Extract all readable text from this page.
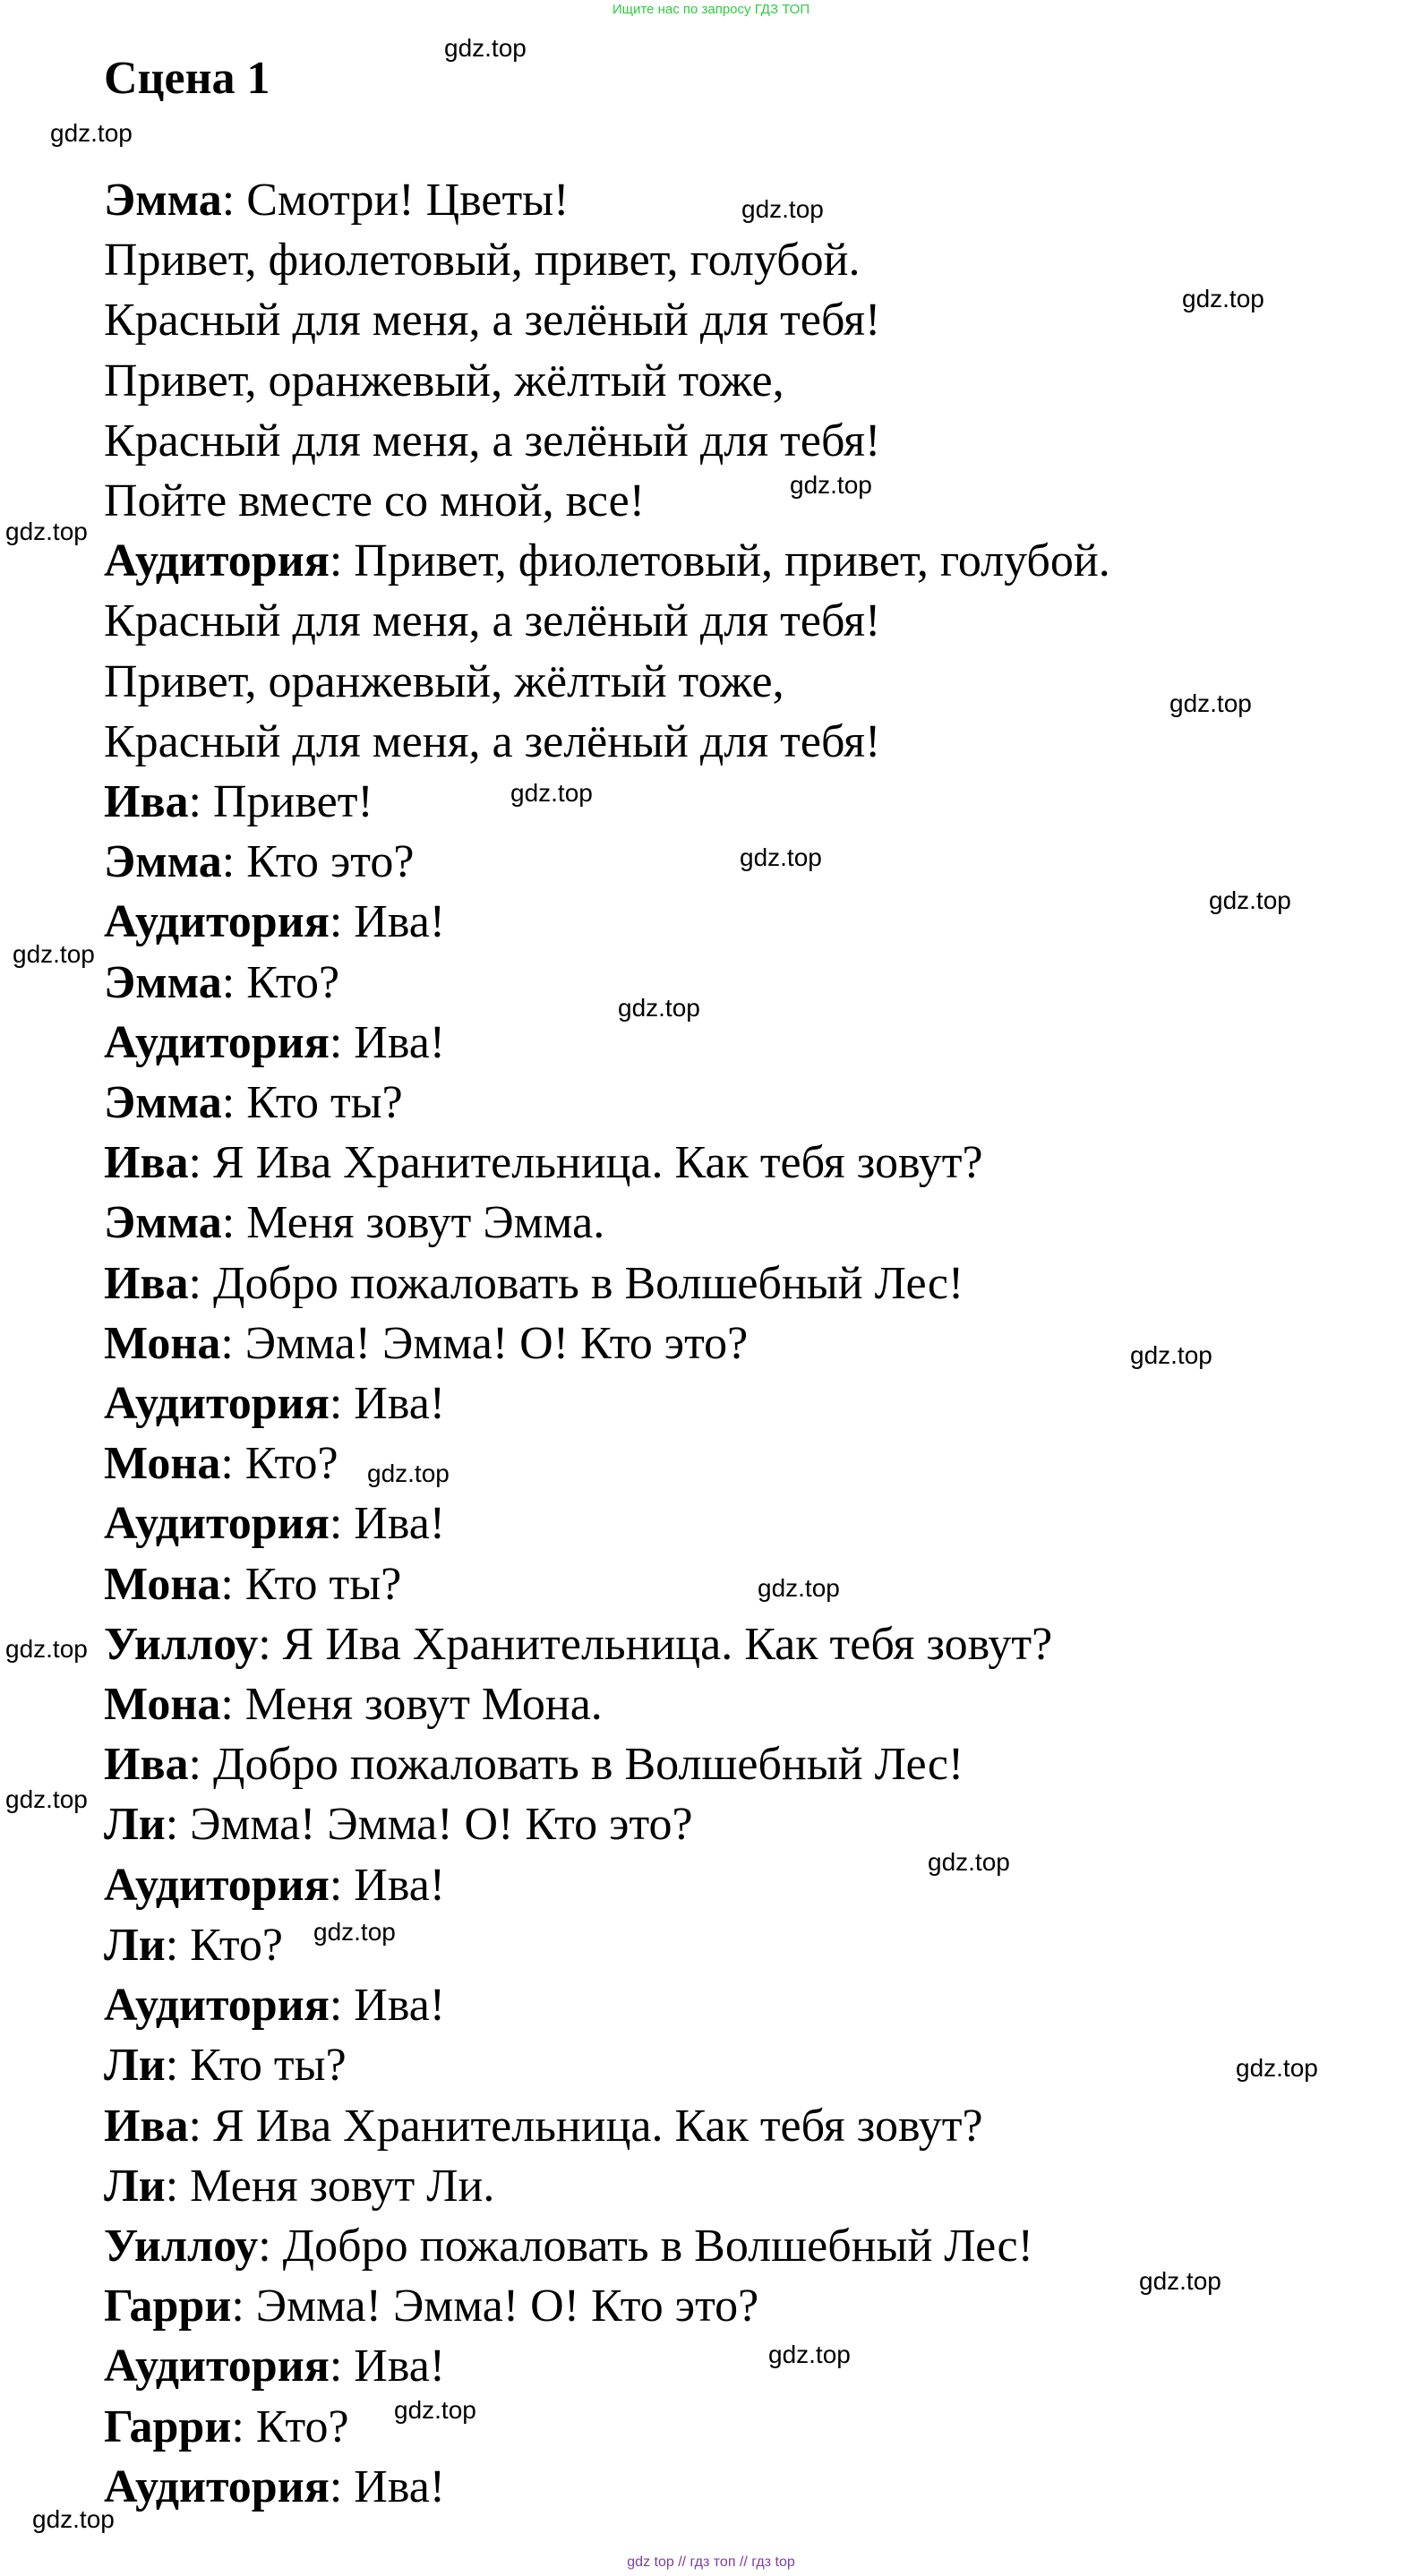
Ищите нас по запросу ГДЗ ТОП
Сцена 1
Эмма: Смотри! Цветы!
Привет, фиолетовый, привет, голубой.
Красный для меня, а зелёный для тебя!
Привет, оранжевый, жёлтый тоже,
Красный для меня, а зелёный для тебя!
Пойте вместе со мной, все!
Аудитория: Привет, фиолетовый, привет, голубой.
Красный для меня, а зелёный для тебя!
Привет, оранжевый, жёлтый тоже,
Красный для меня, а зелёный для тебя!
Ива: Привет!
Эмма: Кто это?
Аудитория: Ива!
Эмма: Кто?
Аудитория: Ива!
Эмма: Кто ты?
Ива: Я Ива Хранительница. Как тебя зовут?
Эмма: Меня зовут Эмма.
Ива: Добро пожаловать в Волшебный Лес!
Мона: Эмма! Эмма! О! Кто это?
Аудитория: Ива!
Мона: Кто?
Аудитория: Ива!
Мона: Кто ты?
Уиллоу: Я Ива Хранительница. Как тебя зовут?
Мона: Меня зовут Мона.
Ива: Добро пожаловать в Волшебный Лес!
Ли: Эмма! Эмма! О! Кто это?
Аудитория: Ива!
Ли: Кто?
Аудитория: Ива!
Ли: Кто ты?
Ива: Я Ива Хранительница. Как тебя зовут?
Ли: Меня зовут Ли.
Уиллоу: Добро пожаловать в Волшебный Лес!
Гарри: Эмма! Эмма! О! Кто это?
Аудитория: Ива!
Гарри: Кто?
Аудитория: Ива!
gdz.top
gdz.top
gdz.top
gdz.top
gdz.top
gdz.top
gdz.top
gdz.top
gdz.top
gdz.top
gdz.top
gdz.top
gdz.top
gdz.top
gdz.top
gdz.top
gdz.top
gdz.top
gdz.top
gdz.top
gdz.top
gdz.top
gdz.top
gdz.top
gdz top // гдз топ // гдз top
